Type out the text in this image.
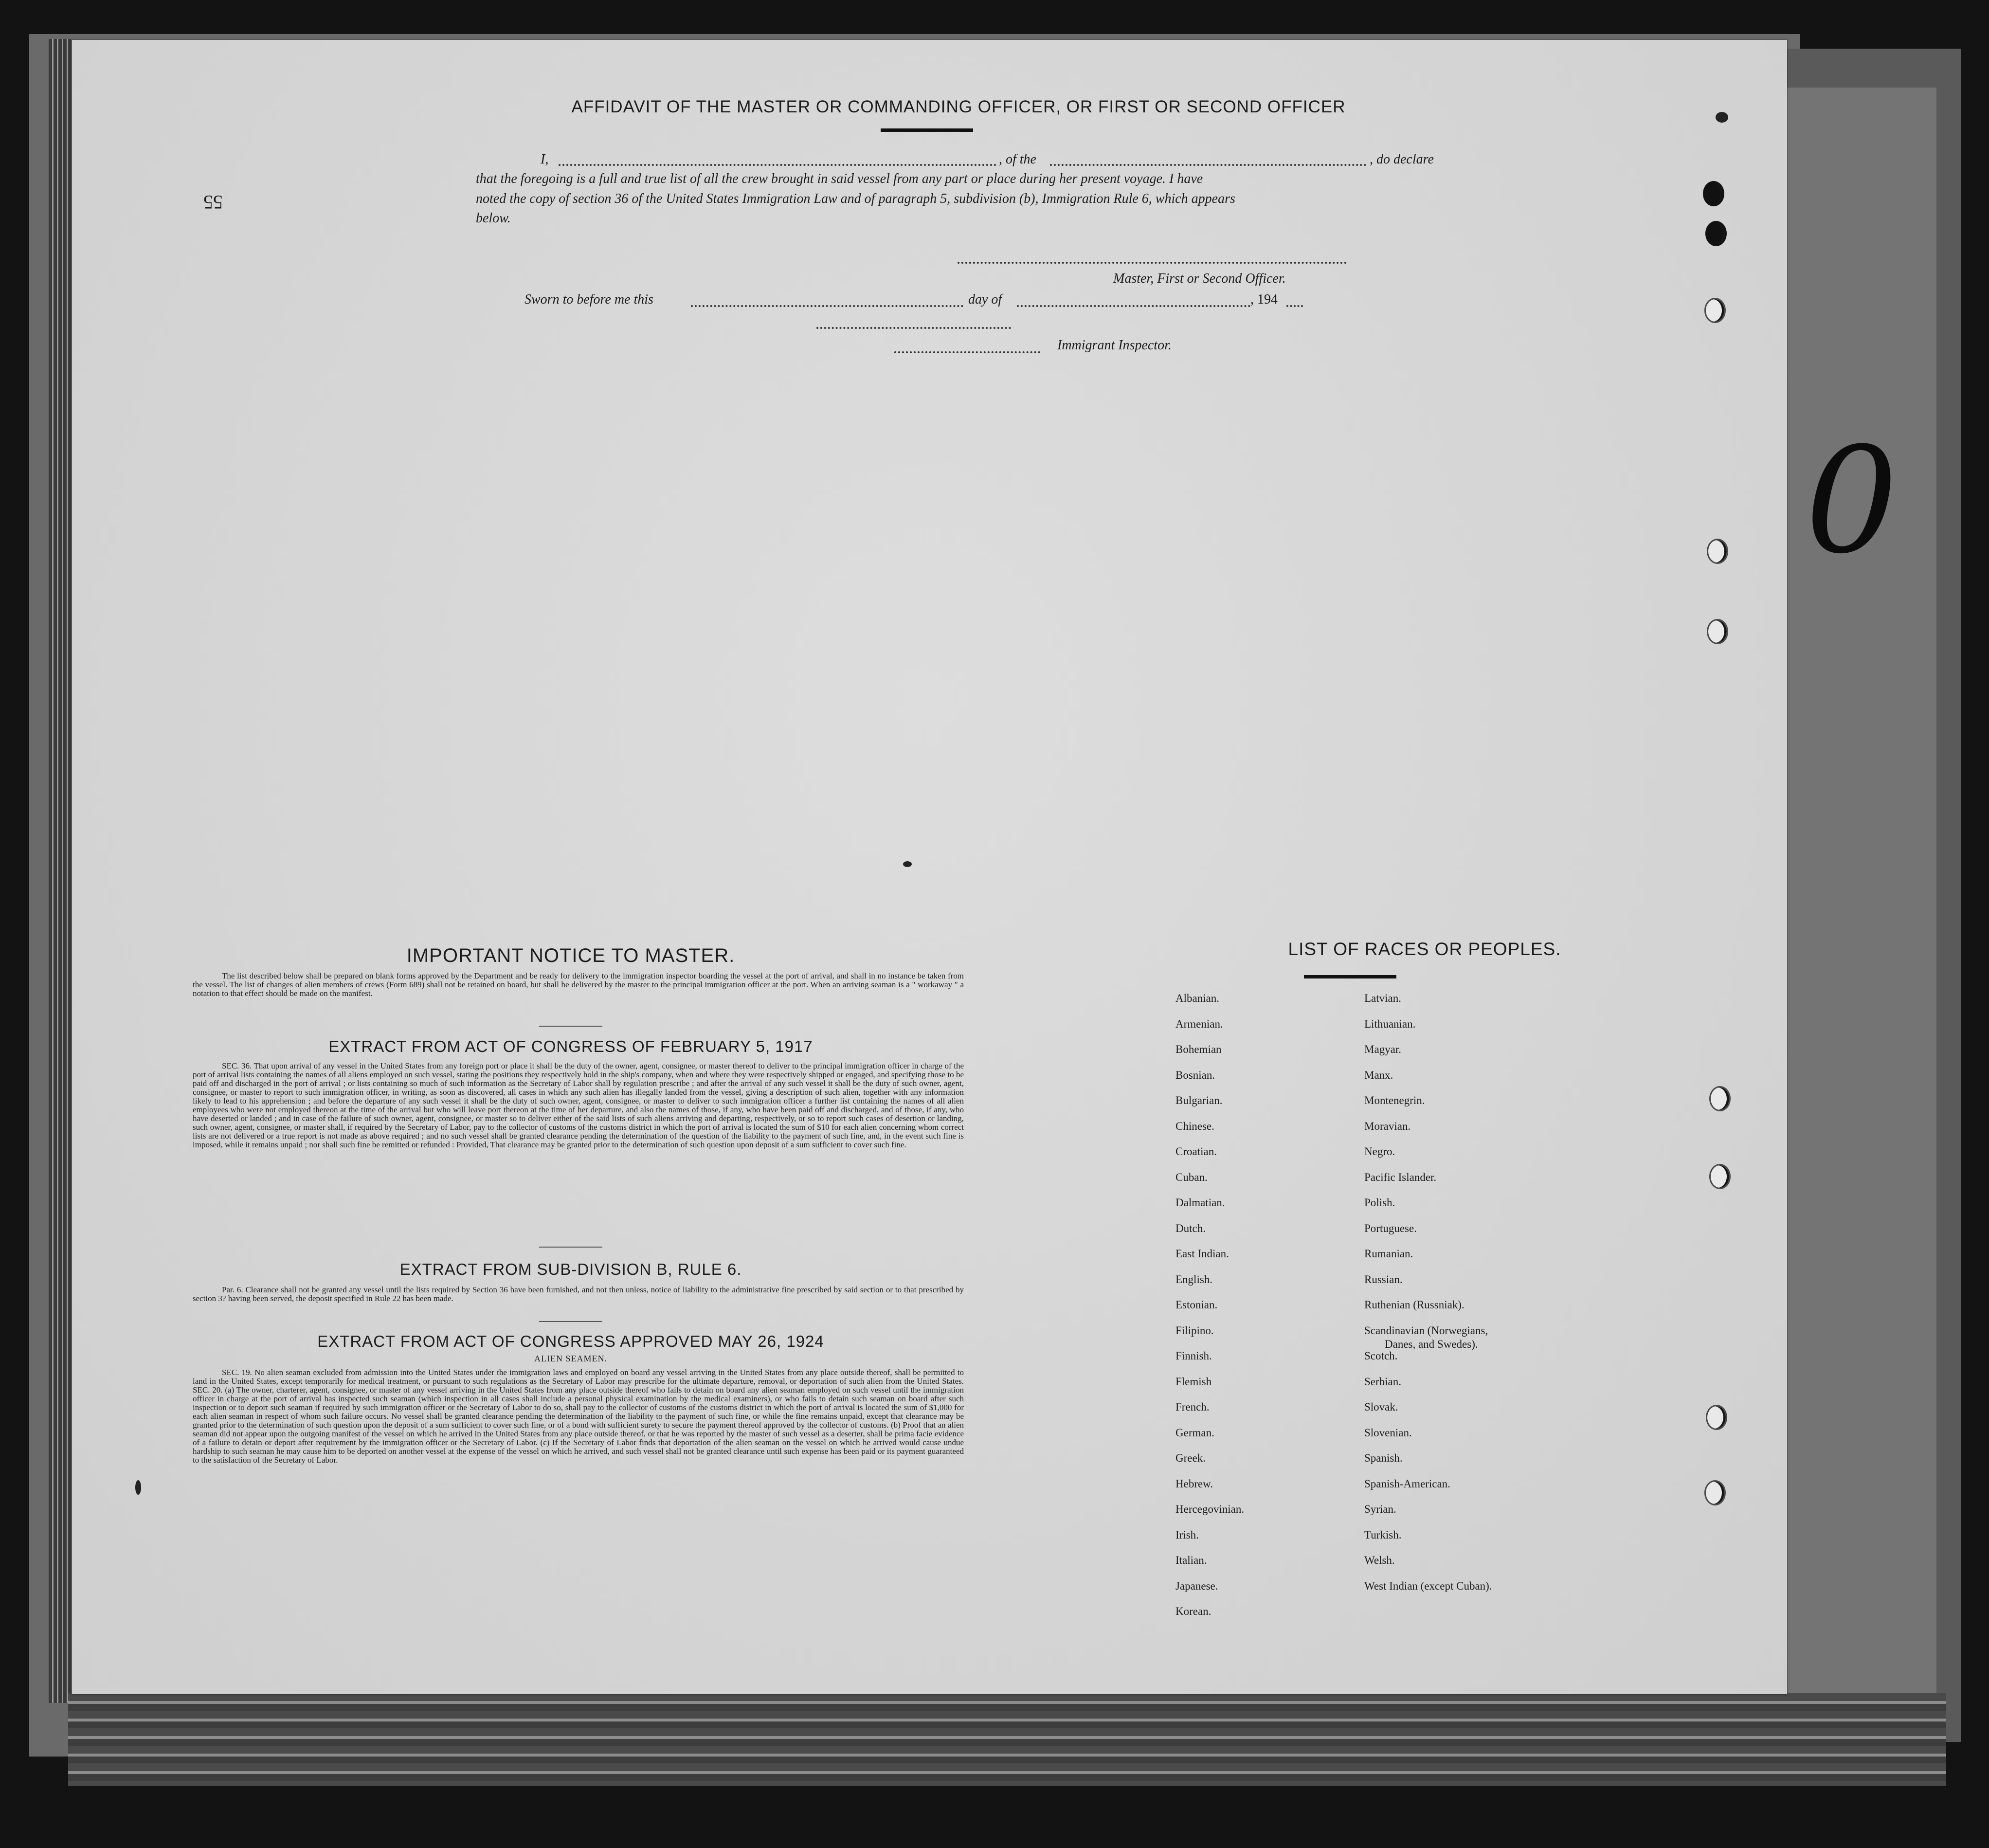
0
AFFIDAVIT OF THE MASTER OR COMMANDING OFFICER, OR FIRST OR SECOND OFFICER
I,	, of the	, do declare
that the foregoing is a full and true list of all the crew brought in said vessel from any part or place during her present voyage. I have
noted the copy of section 36 of the United States Immigration Law and of paragraph 5, subdivision (b), Immigration Rule 6, which appears
below.
55
Master, First or Second Officer.
Sworn to before me this	day of	, 194
Immigrant Inspector.
IMPORTANT NOTICE TO MASTER.
The list described below shall be prepared on blank forms approved by the Department and be ready for delivery to the immigration inspector boarding the vessel at the port of arrival, and shall in no instance be taken from the vessel. The list of changes of alien members of crews (Form 689) shall not be retained on board, but shall be delivered by the master to the principal immigration officer at the port. When an arriving seaman is a " workaway " a notation to that effect should be made on the manifest.
EXTRACT FROM ACT OF CONGRESS OF FEBRUARY 5, 1917
SEC. 36. That upon arrival of any vessel in the United States from any foreign port or place it shall be the duty of the owner, agent, consignee, or master thereof to deliver to the principal immigration officer in charge of the port of arrival lists containing the names of all aliens employed on such vessel, stating the positions they respectively hold in the ship's company, when and where they were respectively shipped or engaged, and specifying those to be paid off and discharged in the port of arrival ; or lists containing so much of such information as the Secretary of Labor shall by regulation prescribe ; and after the arrival of any such vessel it shall be the duty of such owner, agent, consignee, or master to report to such immigration officer, in writing, as soon as discovered, all cases in which any such alien has illegally landed from the vessel, giving a description of such alien, together with any information likely to lead to his apprehension ; and before the departure of any such vessel it shall be the duty of such owner, agent, consignee, or master to deliver to such immigration officer a further list containing the names of all alien employees who were not employed thereon at the time of the arrival but who will leave port thereon at the time of her departure, and also the names of those, if any, who have been paid off and discharged, and of those, if any, who have deserted or landed ; and in case of the failure of such owner, agent, consignee, or master so to deliver either of the said lists of such aliens arriving and departing, respectively, or so to report such cases of desertion or landing, such owner, agent, consignee, or master shall, if required by the Secretary of Labor, pay to the collector of customs of the customs district in which the port of arrival is located the sum of $10 for each alien concerning whom correct lists are not delivered or a true report is not made as above required ; and no such vessel shall be granted clearance pending the determination of the question of the liability to the payment of such fine, and, in the event such fine is imposed, while it remains unpaid ; nor shall such fine be remitted or refunded : Provided, That clearance may be granted prior to the determination of such question upon deposit of a sum sufficient to cover such fine.
EXTRACT FROM SUB-DIVISION B, RULE 6.
Par. 6. Clearance shall not be granted any vessel until the lists required by Section 36 have been furnished, and not then unless, notice of liability to the administrative fine prescribed by said section or to that prescribed by section 3? having been served, the deposit specified in Rule 22 has been made.
EXTRACT FROM ACT OF CONGRESS APPROVED MAY 26, 1924
ALIEN SEAMEN.
SEC. 19. No alien seaman excluded from admission into the United States under the immigration laws and employed on board any vessel arriving in the United States from any place outside thereof, shall be permitted to land in the United States, except temporarily for medical treatment, or pursuant to such regulations as the Secretary of Labor may prescribe for the ultimate departure, removal, or deportation of such alien from the United States. SEC. 20. (a) The owner, charterer, agent, consignee, or master of any vessel arriving in the United States from any place outside thereof who fails to detain on board any alien seaman employed on such vessel until the immigration officer in charge at the port of arrival has inspected such seaman (which inspection in all cases shall include a personal physical examination by the medical examiners), or who fails to detain such seaman on board after such inspection or to deport such seaman if required by such immigration officer or the Secretary of Labor to do so, shall pay to the collector of customs of the customs district in which the port of arrival is located the sum of $1,000 for each alien seaman in respect of whom such failure occurs. No vessel shall be granted clearance pending the determination of the liability to the payment of such fine, or while the fine remains unpaid, except that clearance may be granted prior to the determination of such question upon the deposit of a sum sufficient to cover such fine, or of a bond with sufficient surety to secure the payment thereof approved by the collector of customs. (b) Proof that an alien seaman did not appear upon the outgoing manifest of the vessel on which he arrived in the United States from any place outside thereof, or that he was reported by the master of such vessel as a deserter, shall be prima facie evidence of a failure to detain or deport after requirement by the immigration officer or the Secretary of Labor. (c) If the Secretary of Labor finds that deportation of the alien seaman on the vessel on which he arrived would cause undue hardship to such seaman he may cause him to be deported on another vessel at the expense of the vessel on which he arrived, and such vessel shall not be granted clearance until such expense has been paid or its payment guaranteed to the satisfaction of the Secretary of Labor.
LIST OF RACES OR PEOPLES.
Albanian.
Armenian.
Bohemian
Bosnian.
Bulgarian.
Chinese.
Croatian.
Cuban.
Dalmatian.
Dutch.
East Indian.
English.
Estonian.
Filipino.
Finnish.
Flemish
French.
German.
Greek.
Hebrew.
Hercegovinian.
Irish.
Italian.
Japanese.
Korean.
Latvian.
Lithuanian.
Magyar.
Manx.
Montenegrin.
Moravian.
Negro.
Pacific Islander.
Polish.
Portuguese.
Rumanian.
Russian.
Ruthenian (Russniak).
Scandinavian (Norwegians,
Danes, and Swedes).
Scotch.
Serbian.
Slovak.
Slovenian.
Spanish.
Spanish-American.
Syrian.
Turkish.
Welsh.
West Indian (except Cuban).
